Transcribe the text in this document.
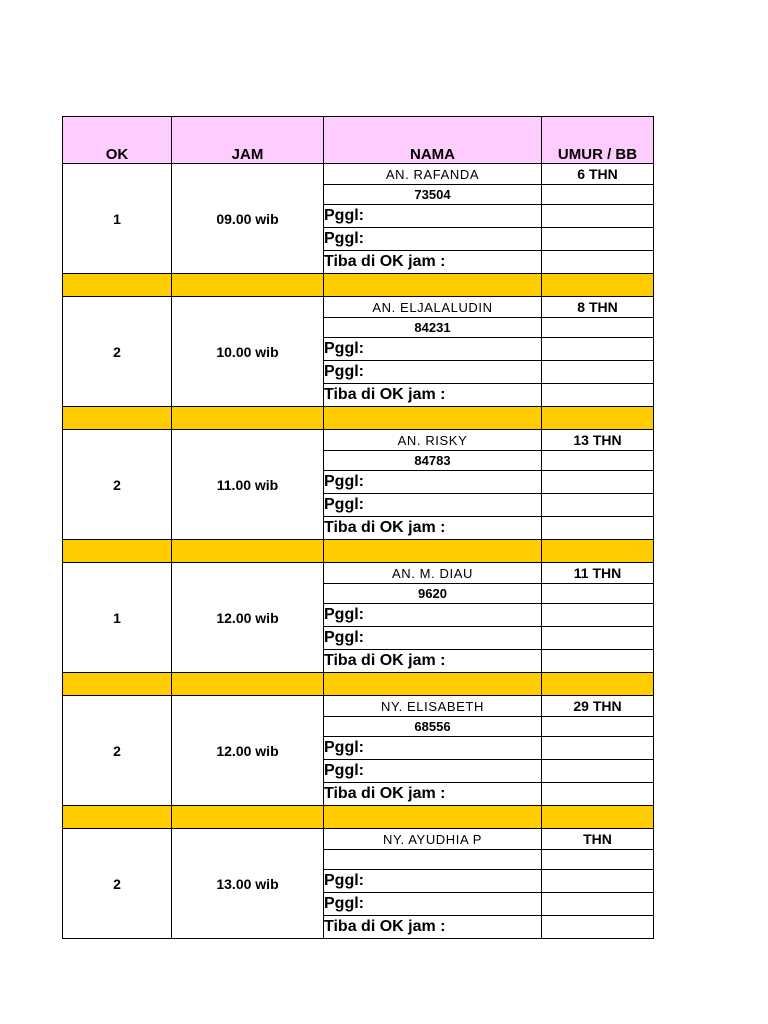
OK	JAM	NAMA	UMUR / BB
1	09.00 wib	AN. RAFANDA	6 THN
		73504	
		Pggl:	
		Pggl:	
		Tiba di OK jam :	

2	10.00 wib	AN. ELJALALUDIN	8 THN
		84231	
		Pggl:	
		Pggl:	
		Tiba di OK jam :	

2	11.00 wib	AN. RISKY	13 THN
		84783	
		Pggl:	
		Pggl:	
		Tiba di OK jam :	

1	12.00 wib	AN. M. DIAU	11 THN
		9620	
		Pggl:	
		Pggl:	
		Tiba di OK jam :	

2	12.00 wib	NY. ELISABETH	29 THN
		68556	
		Pggl:	
		Pggl:	
		Tiba di OK jam :	

2	13.00 wib	NY. AYUDHIA P	THN

		Pggl:	
		Pggl:	
		Tiba di OK jam :	
